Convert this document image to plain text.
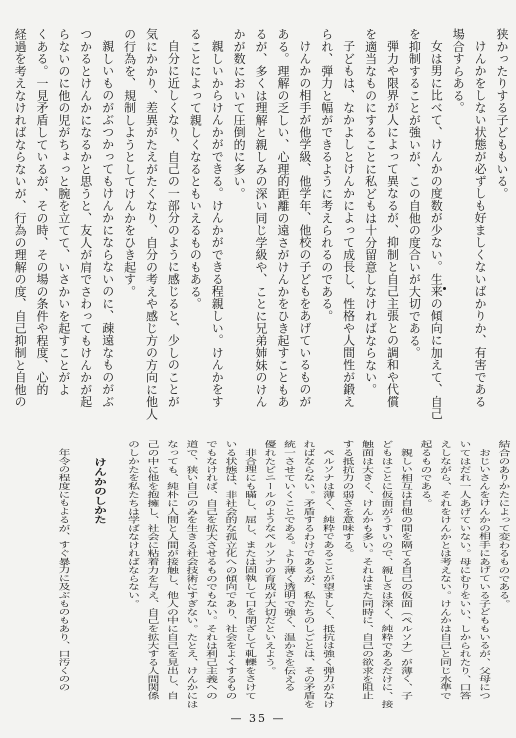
狭かったりする子どももいる。
けんかをしない状態が必ずしも好ましくないばかりか、有害である
場合すらある。
女は男に比べて、けんかの度数が少ない。生来の傾向に加えて、自己
を抑制することが強いが、この自他の度合いが大切である。
弾力や限界が人によって異なるが、抑制と自己主張との調和や代償
を適当なものにすることに私どもは十分留意しなければならない。
子どもは、なかよしとけんかによって成長し、性格や人間性が鍛え
られ、弾力と幅ができるように考えられるのである。
けんかの相手が他学級、他学年、他校の子どもをあげているものが
ある。理解の乏しい、心理的距離の遠さがけんかをひき起すこともあ
るが、多くは理解と親しみの深い同じ学級や、ことに兄弟姉妹のけん
かが数において圧倒的に多い。
親しいからけんかができる。けんかができる程親しい。けんかをす
ることによって親しくなるともいえるものもある。
自分に近しくなり、自己の一部分のように感じると、少しのことが
気にかかり、差異がたえがたくなり、自分の考えや感じ方の方向に他人
の行為を、規制しようとしてけんかをひき起す。
親しいものがぶつかってもけんかにならないのに、疎遠なものがぶ
つかるとけんかになるかと思うと、友人が肩でさわってもけんかが起
らないのに他の児がちょっと腕を立てて、いさかいを起すことがよ
くある。一見矛盾しているが、その時、その場の条件や程度、心的
経過を考えなければならないが、行為の理解の度、自己抑制と自他の
結合のありかたによって変わるものである。
おじいさんをけんかの相手にあげている子どももいるが、父母につ
いてはだれ一人あげていない。母にむりをいい、しかられたり、口答
えしながら、それをけんかとは考えない。けんかは自己と同じ水準で
起るものである。
親しい相互は自他の間を隔てる自己の仮面（ペルソナ）が薄く、子
どもはことに仮面がうすいので、親しさは深く、純粋であるだけに、接
触面は大きく、けんかも多い。それはまた同時に、自己の欲求を阻止
する抵抗力の弱さを意味する。
ペルソナは薄く、純粋であることが望ましく、抵抗は強く弾力がなけ
ればならない。矛盾するわけであるが、私たちのしごとは、その矛盾を
統一させていくことである。より薄く透明で強く、温かさを伝える
優れたビニールのようなペルソナの育成が大切だといえよう。
非合理にも瞞し、屈し、または固執して口を閉ざして軋轢をさけて
いる状態は、非社会的な孤立化への傾向であり、社会をよくするもの
でもなければ、自己を拡大させるものでもない。それは利己主義への
道で、狭い自己のみを生きる社会技術にすぎない。たとえ、けんかには
なっても、純朴に人間と人間が接触し、他人の中に自己を見出し、自
己の中に他を抱擁し、社会に粘着力を与え、自己を拡大する人間関係
のしかたを私たちは学ばなければならない。
けんかのしかた
年令の程度にもよるが、すぐ暴力に及ぶものもあり、口汚くのの
— 35 —
